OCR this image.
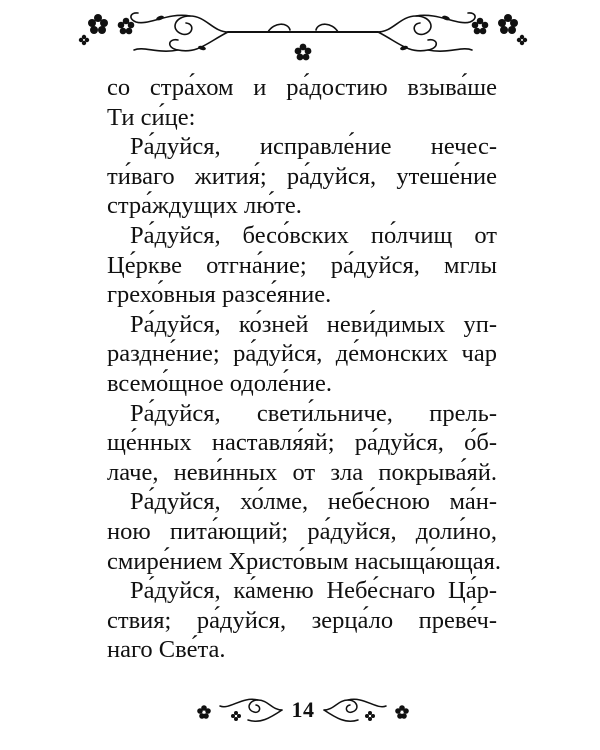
со стра́хом и ра́достию взыва́ше
Ти си́це:
Ра́дуйся, исправле́ние нечес-
ти́ваго жития́; ра́дуйся, утеше́ние
стра́ждущих лю́те.
Ра́дуйся, бесо́вских по́лчищ от
Це́ркве отгна́ние; ра́дуйся, мглы
грехо́вныя разсе́яние.
Ра́дуйся, ко́зней неви́димых уп-
раздне́ние; ра́дуйся, де́монских чар
всемо́щное одоле́ние.
Ра́дуйся, свети́льниче, прель-
ще́нных наставля́яй; ра́дуйся, о́б-
лаче, неви́нных от зла покрыва́яй.
Ра́дуйся, хо́лме, небе́сною ма́н-
ною пита́ющий; ра́дуйся, доли́но,
смире́нием Христо́вым насыща́ющая.
Ра́дуйся, ка́меню Небе́снаго Ца́р-
ствия; ра́дуйся, зерца́ло преве́ч-
наго Све́та.
14
